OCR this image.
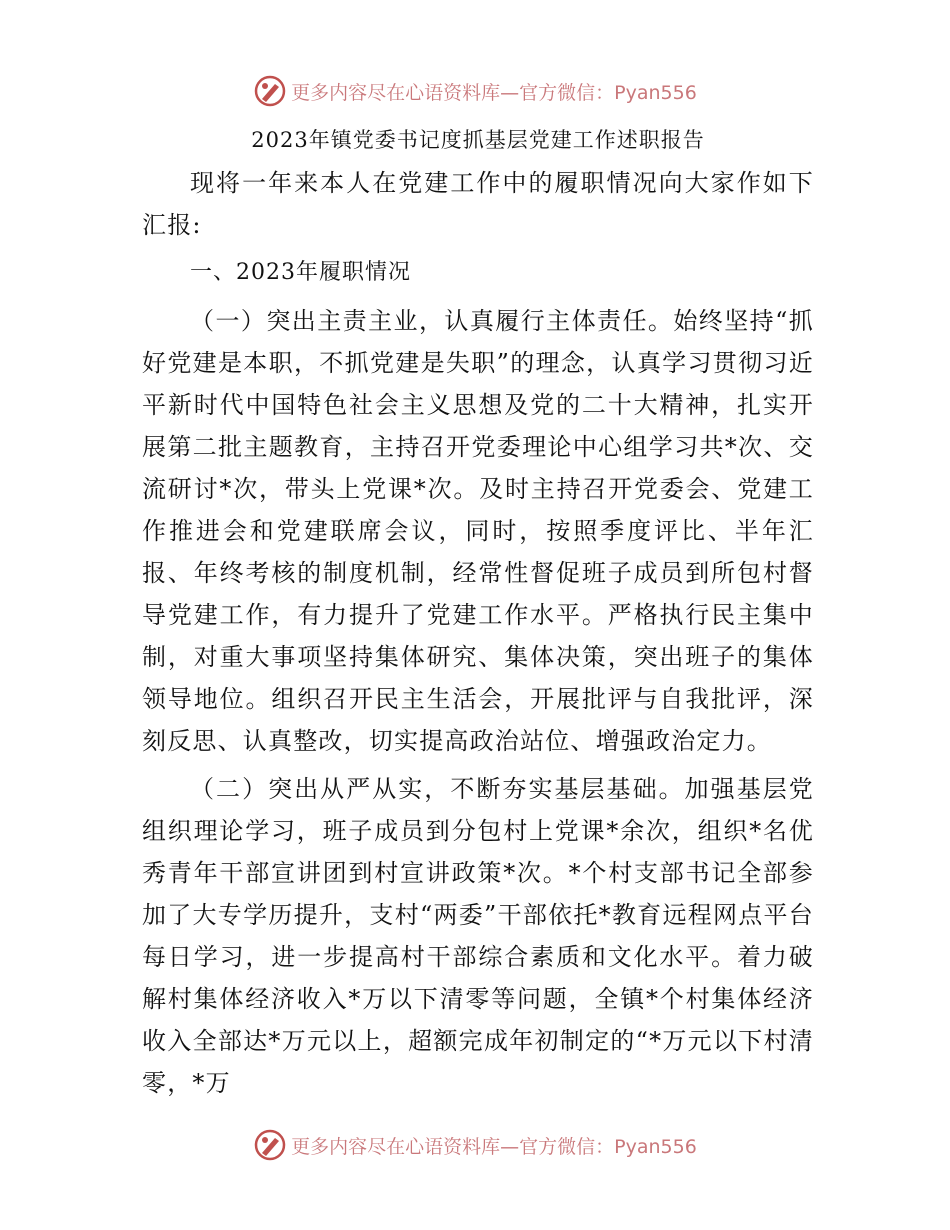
更多内容尽在心语资料库—官方微信：Pyan556
2023年镇党委书记度抓基层党建工作述职报告

现将一年来本人在党建工作中的履职情况向大家作如下汇报:

一、2023年履职情况

（一）突出主责主业，认真履行主体责任。始终坚持“抓好党建是本职，不抓党建是失职”的理念，认真学习贯彻习近平新时代中国特色社会主义思想及党的二十大精神，扎实开展第二批主题教育，主持召开党委理论中心组学习共*次、交流研讨*次，带头上党课*次。及时主持召开党委会、党建工作推进会和党建联席会议，同时，按照季度评比、半年汇报、年终考核的制度机制，经常性督促班子成员到所包村督导党建工作，有力提升了党建工作水平。严格执行民主集中制，对重大事项坚持集体研究、集体决策，突出班子的集体领导地位。组织召开民主生活会，开展批评与自我批评，深刻反思、认真整改，切实提高政治站位、增强政治定力。

（二）突出从严从实，不断夯实基层基础。加强基层党组织理论学习，班子成员到分包村上党课*余次，组织*名优秀青年干部宣讲团到村宣讲政策*次。*个村支部书记全部参加了大专学历提升，支村“两委”干部依托*教育远程网点平台每日学习，进一步提高村干部综合素质和文化水平。着力破解村集体经济收入*万以下清零等问题，全镇*个村集体经济收入全部达*万元以上，超额完成年初制定的“*万元以下村清零，*万

更多内容尽在心语资料库—官方微信：Pyan556
